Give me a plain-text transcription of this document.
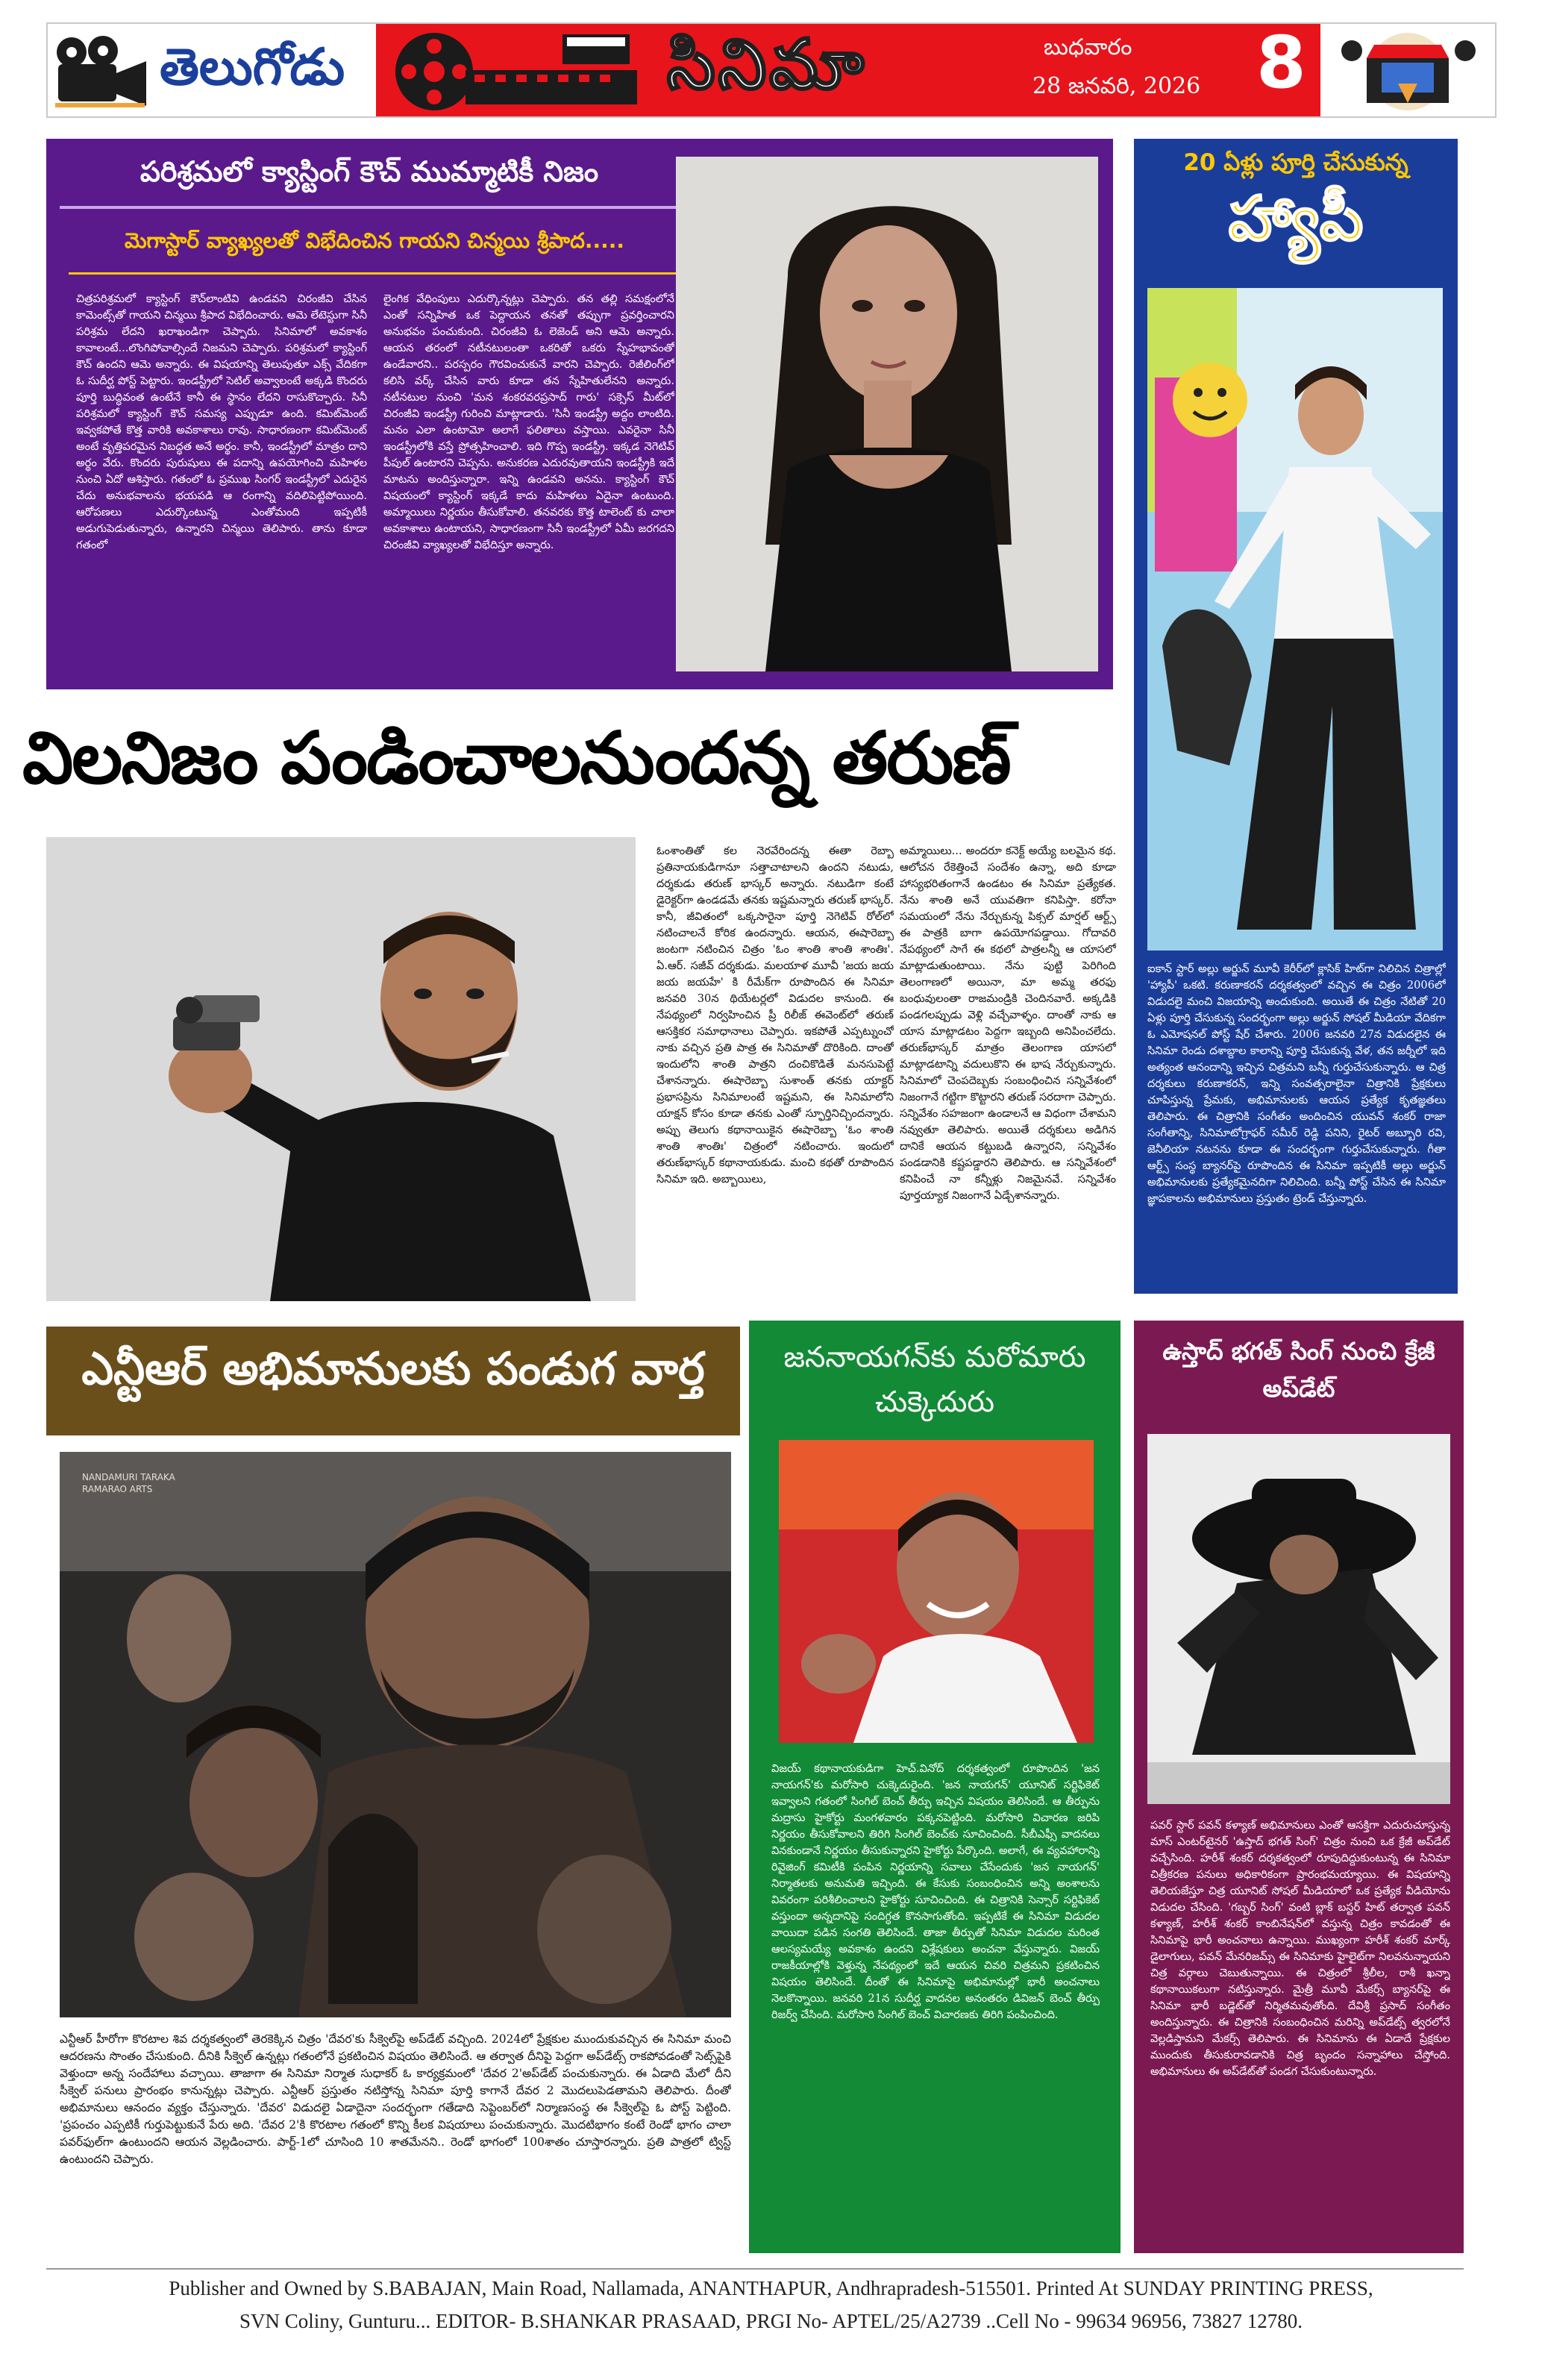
తెలుగోడు	సినిమా	బుధవారం
28 జనవరి, 2026 8
పరిశ్రమలో క్యాస్టింగ్ కౌచ్ ముమ్మాటికీ నిజం
మెగాస్టార్ వ్యాఖ్యలతో విభేదించిన గాయని చిన్మయి శ్రీపాద.....
చిత్రపరిశ్రమలో క్యాస్టింగ్ కౌచ్‌లాంటివి ఉండవని చిరంజీవి చేసిన కామెంట్స్‌తో గాయని చిన్మయి శ్రీపాద విభేదించారు. ఆమె లేటెస్టుగా సినీ పరిశ్రమ లేదని ఖరాఖండిగా చెప్పారు. సినిమాలో అవకాశం కావాలంటే...లొంగిపోవాల్సిందే నిజమని చెప్పారు. పరిశ్రమలో క్యాస్టింగ్ కౌచ్ ఉందని ఆమె అన్నారు. ఈ విషయాన్ని తెలుపుతూ ఎక్స్ వేదికగా ఓ సుదీర్ఘ పోస్ట్ పెట్టారు. ఇండస్ట్రీలో సెటిల్ అవ్వాలంటే అక్కడి కొందరు పూర్తి బుద్ధివంత ఉంటేనే కానీ ఈ స్థానం లేదని రాసుకొచ్చారు. సినీ పరిశ్రమలో క్యాస్టింగ్ కౌచ్ సమస్య ఎప్పుడూ ఉంది. కమిట్‌మెంట్ ఇవ్వకపోతే కొత్త వారికి అవకాశాలు రావు. సాధారణంగా కమిట్‌మెంట్ అంటే వృత్తిపరమైన నిబద్ధత అనే అర్థం. కానీ, ఇండస్ట్రీలో మాత్రం దాని అర్థం వేరు. కొందరు పురుషులు ఈ పదాన్ని ఉపయోగించి మహిళల నుంచి ఏదో ఆశిస్తారు. గతంలో ఓ ప్రముఖ సింగర్ ఇండస్ట్రీలో ఎదురైన చేదు అనుభవాలను భయపడి ఆ రంగాన్ని వదిలిపెట్టిపోయింది. ఆరోపణలు ఎదుర్కొంటున్న ఎంతోమంది ఇప్పటికీ అడుగుపెడుతున్నారు, ఉన్నారని చిన్మయి తెలిపారు. తాను కూడా గతంలో
లైంగిక వేధింపులు ఎదుర్కొన్నట్లు చెప్పారు. తన తల్లి సమక్షంలోనే ఎంతో సన్నిహిత ఒక పెద్దాయన తనతో తప్పుగా ప్రవర్తించారని అనుభవం పంచుకుంది. చిరంజీవి ఓ లెజెండ్ అని ఆమె అన్నారు. ఆయన తరంలో నటీనటులంతా ఒకరితో ఒకరు స్నేహభావంతో ఉండేవారని.. పరస్పరం గౌరవించుకునే వారని చెప్పారు. రెజీలింగ్‌లో కలిసి వర్క్ చేసిన వారు కూడా తన స్నేహితులేనని అన్నారు. నటీనటుల నుంచి 'మన శంకరవరప్రసాద్ గారు' సక్సెస్ మీట్‌లో చిరంజీవి ఇండస్ట్రీ గురించి మాట్లాడారు. 'సినీ ఇండస్ట్రీ అద్దం లాంటిది. మనం ఎలా ఉంటామో అలాగే ఫలితాలు వస్తాయి. ఎవరైనా సినీ ఇండస్ట్రీలోకి వస్తే ప్రోత్సహించాలి. ఇది గొప్ప ఇండస్ట్రీ. ఇక్కడ నెగెటివ్ పీపుల్ ఉంటారని చెప్పను. అనుకరణ ఎదురవుతాయని ఇండస్ట్రీకి ఇదే మాటను అందిస్తున్నారా. ఇన్ని ఉండవని అనను. క్యాస్టింగ్ కౌచ్ విషయంలో క్యాస్టింగ్ ఇక్కడే కాదు మహిళలు ఏదైనా ఉంటుంది. అమ్మాయిలు నిర్ణయం తీసుకోవాలి. తనవరకు కొత్త టాలెంట్ కు చాలా అవకాశాలు ఉంటాయని, సాధారణంగా సినీ ఇండస్ట్రీలో ఏమీ జరగదని చిరంజీవి వ్యాఖ్యలతో విభేదిస్తూ అన్నారు.
20 ఏళ్లు పూర్తి చేసుకున్న
హ్యాపీ
ఐకాన్ స్టార్ అల్లు అర్జున్ మూవీ కెరీర్‌లో క్లాసిక్ హిట్‌గా నిలిచిన చిత్రాల్లో 'హ్యాపీ' ఒకటి. కరుణాకరన్ దర్శకత్వంలో వచ్చిన ఈ చిత్రం 2006లో విడుదలై మంచి విజయాన్ని అందుకుంది. అయితే ఈ చిత్రం నేటితో 20 ఏళ్లు పూర్తి చేసుకున్న సందర్భంగా అల్లు అర్జున్ సోషల్ మీడియా వేదికగా ఓ ఎమోషనల్ పోస్ట్ షేర్ చేశారు. 2006 జనవరి 27న విడుదలైన ఈ సినిమా రెండు దశాబ్దాల కాలాన్ని పూర్తి చేసుకున్న వేళ, తన జర్నీలో ఇది అత్యంత ఆనందాన్ని ఇచ్చిన చిత్రమని బన్నీ గుర్తుచేసుకున్నారు. ఆ చిత్ర దర్శకులు కరుణాకరన్, ఇన్ని సంవత్సరాలైనా చిత్రానికి ప్రేక్షకులు చూపిస్తున్న ప్రేమకు, అభిమానులకు ఆయన ప్రత్యేక కృతజ్ఞతలు తెలిపారు. ఈ చిత్రానికి సంగీతం అందించిన యువన్ శంకర్ రాజా సంగీతాన్ని, సినిమాటోగ్రాఫర్ సమీర్ రెడ్డి పనిని, రైటర్ అబ్బూరి రవి, జెనీలియా నటనను కూడా ఈ సందర్భంగా గుర్తుచేసుకున్నారు. గీతా ఆర్ట్స్ సంస్థ బ్యానర్‌పై రూపొందిన ఈ సినిమా ఇప్పటికీ అల్లు అర్జున్ అభిమానులకు ప్రత్యేకమైనదిగా నిలిచింది. బన్నీ పోస్ట్ చేసిన ఈ సినిమా జ్ఞాపకాలను అభిమానులు ప్రస్తుతం ట్రెండ్ చేస్తున్నారు.
విలనిజం పండించాలనుందన్న తరుణ్
ఓంశాంతితో కల నెరవేరిందన్న ఈతా రెబ్బా ప్రతినాయకుడిగానూ సత్తాచాటాలని ఉందని నటుడు, దర్శకుడు తరుణ్ భాస్కర్ అన్నారు. నటుడిగా కంటే డైరెక్టర్‌గా ఉండడమే తనకు ఇష్టమన్నారు తరుణ్ భాస్కర్. కానీ, జీవితంలో ఒక్కసారైనా పూర్తి నెగెటివ్ రోల్‌లో నటించాలనే కోరిక ఉందన్నారు. ఆయన, ఈషారెబ్బా జంటగా నటించిన చిత్రం 'ఓం శాంతి శాంతి శాంతిః'. ఏ.ఆర్. సజీవ్ దర్శకుడు. మలయాళ మూవీ 'జయ జయ జయ జయహే' కి రీమేక్‌గా రూపొందిన ఈ సినిమా జనవరి 30న థియేటర్లలో విడుదల కానుంది. ఈ నేపథ్యంలో నిర్వహించిన ప్రీ రిలీజ్ ఈవెంట్‌లో తరుణ్ ఆసక్తికర సమాధానాలు చెప్పారు. ఇకపోతే ఎప్పట్నుంచో నాకు వచ్చిన ప్రతి పాత్ర ఈ సినిమాతో దొరికింది. దాంతో ఇందులోని శాంతి పాత్రని దంచికొడితే మనసుపెట్టే చేశానన్నారు. ఈషారెబ్బా సుశాంత్ తనకు యాక్టర్ ప్రభాసప్రిను సినిమాలంటే ఇష్టమని, ఈ సినిమాలోని యాక్షన్ కోసం కూడా తనకు ఎంతో స్ఫూర్తినిచ్చిందన్నారు. అప్పు తెలుగు కథానాయికైన ఈషారెబ్బా 'ఓం శాంతి శాంతి శాంతిః' చిత్రంలో నటించారు. ఇందులో తరుణ్‌భాస్కర్ కథానాయకుడు. మంచి కథతో రూపొందిన సినిమా ఇది. అబ్బాయిలు,
అమ్మాయిలు... అందరూ కనెక్ట్ అయ్యే బలమైన కథ. ఆలోచన రేకెత్తించే సందేశం ఉన్నా, అది కూడా హాస్యభరితంగానే ఉండటం ఈ సినిమా ప్రత్యేకత. నేను శాంతి అనే యువతిగా కనిపిస్తా. కరోనా సమయంలో నేను నేర్చుకున్న పిక్సల్ మార్షల్ ఆర్ట్స్ ఈ పాత్రకి బాగా ఉపయోగపడ్డాయి. గోదావరి నేపథ్యంలో సాగే ఈ కథలో పాత్రలన్నీ ఆ యాసలో మాట్లాడుతుంటాయి. నేను పుట్టి పెరిగింది తెలంగాణలో అయినా, మా అమ్మ తరఫు బంధువులంతా రాజమండ్రికి చెందినవారే. అక్కడికి పండగలప్పుడు వెళ్లి వచ్చేవాళ్ళం. దాంతో నాకు ఆ యాస మాట్లాడటం పెద్దగా ఇబ్బంది అనిపించలేదు. తరుణ్‌భాస్కర్ మాత్రం తెలంగాణ యాసలో మాట్లాడటాన్ని వదులుకొని ఈ భాష నేర్చుకున్నారు. సినిమాలో చెంపదెబ్బకు సంబంధించిన సన్నివేశంలో నిజంగానే గట్టిగా కొట్టారని తరుణ్ సరదాగా చెప్పారు. సన్నివేశం సహజంగా ఉండాలనే ఆ విధంగా చేశామని నవ్వుతూ తెలిపారు. అయితే దర్శకులు అడిగిన దానికే ఆయన కట్టుబడి ఉన్నారని, సన్నివేశం పండడానికి కష్టపడ్డారని తెలిపారు. ఆ సన్నివేశంలో కనిపించే నా కన్నీళ్లు నిజమైనవే. సన్నివేశం పూర్తయ్యాక నిజంగానే ఏడ్చేశానన్నారు.
ఎన్టీఆర్ అభిమానులకు పండుగ వార్త
NANDAMURI TARAKA RAMARAO ARTS
ఎన్టీఆర్ హీరోగా కొరటాల శివ దర్శకత్వంలో తెరకెక్కిన చిత్రం 'దేవర'కు సీక్వెల్‌పై అప్‌డేట్ వచ్చింది. 2024లో ప్రేక్షకుల ముందుకువచ్చిన ఈ సినిమా మంచి ఆదరణను సొంతం చేసుకుంది. దీనికి సీక్వెల్ ఉన్నట్లు గతంలోనే ప్రకటించిన విషయం తెలిసిందే. ఆ తర్వాత దీనిపై పెద్దగా అప్‌డేట్స్ రాకపోవడంతో సెట్స్‌పైకి వెళ్తుందా అన్న సందేహాలు వచ్చాయి. తాజాగా ఈ సినిమా నిర్మాత సుధాకర్ ఓ కార్యక్రమంలో 'దేవర 2'అప్‌డేట్ పంచుకున్నారు. ఈ ఏడాది మేలో దీని సీక్వెల్ పనులు ప్రారంభం కానున్నట్లు చెప్పారు. ఎన్టీఆర్ ప్రస్తుతం నటిస్తోన్న సినిమా పూర్తి కాగానే దేవర 2 మొదలుపెడతామని తెలిపారు. దీంతో అభిమానులు ఆనందం వ్యక్తం చేస్తున్నారు. 'దేవర' విడుదలై ఏడాదైనా సందర్భంగా గతేడాది సెప్టెంబర్‌లో నిర్మాణసంస్థ ఈ సీక్వెల్‌పై ఓ పోస్ట్ పెట్టింది. 'ప్రపంచం ఎప్పటికీ గుర్తుపెట్టుకునే పేరు అది. 'దేవర 2'కి కొరటాల గతంలో కొన్ని కీలక విషయాలు పంచుకున్నారు. మొదటిభాగం కంటే రెండో భాగం చాలా పవర్‌ఫుల్‌గా ఉంటుందని ఆయన వెల్లడించారు. పార్ట్-1లో చూసింది 10 శాతమేనని.. రెండో భాగంలో 100శాతం చూస్తారన్నారు. ప్రతి పాత్రలో ట్విస్ట్ ఉంటుందని చెప్పారు.
జననాయగన్‌కు మరోమారు చుక్కెదురు
విజయ్ కథానాయకుడిగా హెచ్.వినోద్ దర్శకత్వంలో రూపొందిన 'జన నాయగన్'కు మరోసారి చుక్కెదురైంది. 'జన నాయగన్' యూనిట్ సర్టిఫికెట్ ఇవ్వాలని గతంలో సింగిల్ బెంచ్ తీర్పు ఇచ్చిన విషయం తెలిసిందే. ఆ తీర్పును మద్రాసు హైకోర్టు మంగళవారం పక్కనపెట్టింది. మరోసారి విచారణ జరిపి నిర్ణయం తీసుకోవాలని తిరిగి సింగిల్ బెంచ్‌కు సూచించింది. సీబీఎఫ్సీ వాదనలు వినకుండానే నిర్ణయం తీసుకున్నారని హైకోర్టు పేర్కొంది. అలాగే, ఈ వ్యవహారాన్ని రివైజింగ్ కమిటీకి పంపిన నిర్ణయాన్ని సవాలు చేసేందుకు 'జన నాయగన్' నిర్మాతలకు అనుమతి ఇచ్చింది. ఈ కేసుకు సంబంధించిన అన్ని అంశాలను వివరంగా పరిశీలించాలని హైకోర్టు సూచించింది. ఈ చిత్రానికి సెన్సార్ సర్టిఫికెట్ వస్తుందా అన్నదానిపై సందిగ్ధత కొనసాగుతోంది. ఇప్పటికే ఈ సినిమా విడుదల వాయిదా పడిన సంగతి తెలిసిందే. తాజా తీర్పుతో సినిమా విడుదల మరింత ఆలస్యమయ్యే అవకాశం ఉందని విశ్లేషకులు అంచనా వేస్తున్నారు. విజయ్ రాజకీయాల్లోకి వెళ్తున్న నేపథ్యంలో ఇదే ఆయన చివరి చిత్రమని ప్రకటించిన విషయం తెలిసిందే. దీంతో ఈ సినిమాపై అభిమానుల్లో భారీ అంచనాలు నెలకొన్నాయి. జనవరి 21న సుదీర్ఘ వాదనల అనంతరం డివిజన్ బెంచ్ తీర్పు రిజర్వ్ చేసింది. మరోసారి సింగిల్ బెంచ్ విచారణకు తిరిగి పంపించింది.
ఉస్తాద్ భగత్ సింగ్ నుంచి క్రేజీ అప్‌డేట్
పవర్ స్టార్ పవన్ కళ్యాణ్ అభిమానులు ఎంతో ఆసక్తిగా ఎదురుచూస్తున్న మాస్ ఎంటర్‌టైనర్ 'ఉస్తాద్ భగత్ సింగ్' చిత్రం నుంచి ఒక క్రేజీ అప్‌డేట్ వచ్చేసింది. హరీశ్ శంకర్ దర్శకత్వంలో రూపుదిద్దుకుంటున్న ఈ సినిమా చిత్రీకరణ పనులు అధికారికంగా ప్రారంభమయ్యాయి. ఈ విషయాన్ని తెలియజేస్తూ చిత్ర యూనిట్ సోషల్ మీడియాలో ఒక ప్రత్యేక వీడియోను విడుదల చేసింది. 'గబ్బర్ సింగ్' వంటి బ్లాక్ బస్టర్ హిట్ తర్వాత పవన్ కళ్యాణ్, హరీశ్ శంకర్ కాంబినేషన్‌లో వస్తున్న చిత్రం కావడంతో ఈ సినిమాపై భారీ అంచనాలు ఉన్నాయి. ముఖ్యంగా హరీశ్ శంకర్ మార్క్ డైలాగులు, పవన్ మేనరిజమ్స్ ఈ సినిమాకు హైలైట్‌గా నిలవనున్నాయని చిత్ర వర్గాలు చెబుతున్నాయి. ఈ చిత్రంలో శ్రీలీల, రాశీ ఖన్నా కథానాయికలుగా నటిస్తున్నారు. మైత్రీ మూవీ మేకర్స్ బ్యానర్‌పై ఈ సినిమా భారీ బడ్జెట్‌తో నిర్మితమవుతోంది. దేవిశ్రీ ప్రసాద్ సంగీతం అందిస్తున్నారు. ఈ చిత్రానికి సంబంధించిన మరిన్ని అప్‌డేట్స్ త్వరలోనే వెల్లడిస్తామని మేకర్స్ తెలిపారు. ఈ సినిమాను ఈ ఏడాదే ప్రేక్షకుల ముందుకు తీసుకురావడానికి చిత్ర బృందం సన్నాహాలు చేస్తోంది. అభిమానులు ఈ అప్‌డేట్‌తో పండగ చేసుకుంటున్నారు.
Publisher and Owned by S.BABAJAN, Main Road, Nallamada, ANANTHAPUR, Andhrapradesh-515501. Printed At SUNDAY PRINTING PRESS,
SVN Coliny, Gunturu... EDITOR- B.SHANKAR PRASAAD, PRGI No- APTEL/25/A2739 ..Cell No - 99634 96956, 73827 12780.
